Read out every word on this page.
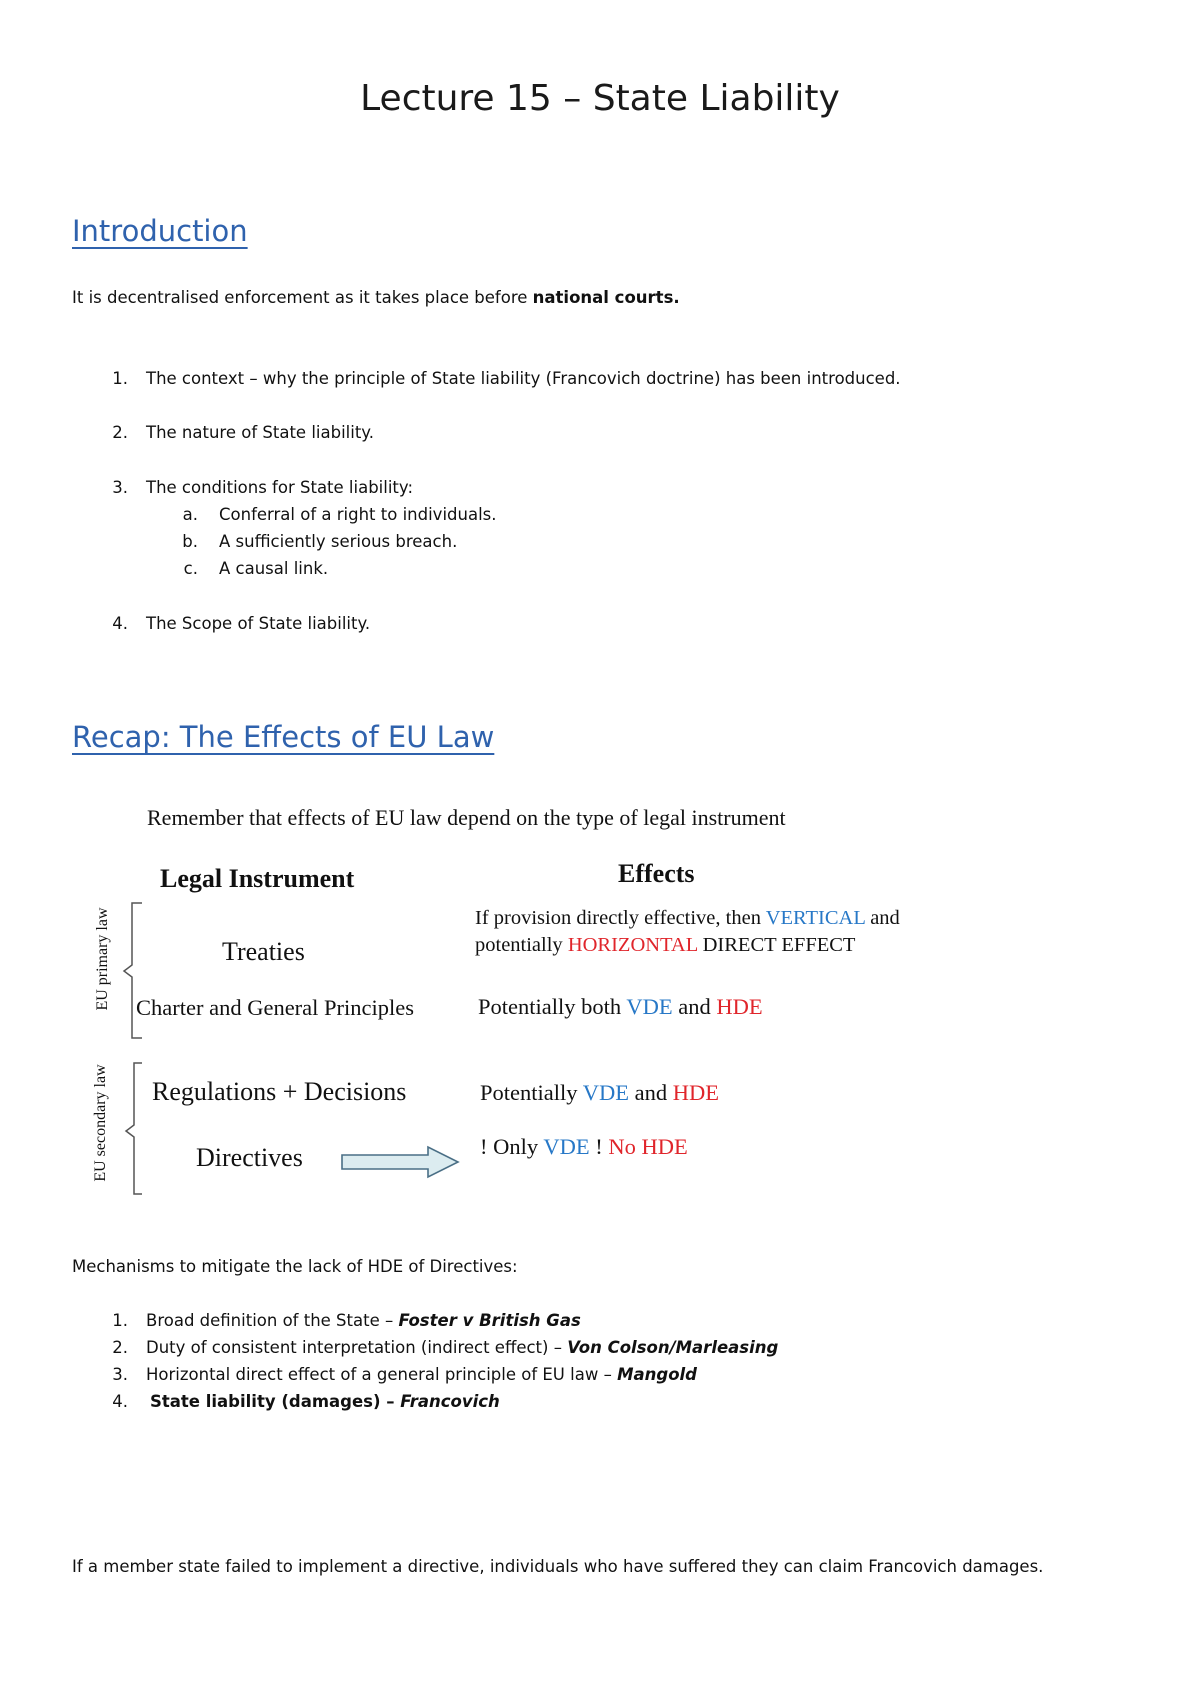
Lecture 15 – State Liability
Introduction
It is decentralised enforcement as it takes place before national courts.
1. The context – why the principle of State liability (Francovich doctrine) has been introduced.
2. The nature of State liability.
3. The conditions for State liability:
a. Conferral of a right to individuals.
b. A sufficiently serious breach.
c. A causal link.
4. The Scope of State liability.
Recap: The Effects of EU Law
Remember that effects of EU law depend on the type of legal instrument
Legal Instrument	Effects
EU primary law
EU secondary law
Treaties
Charter and General Principles
Regulations + Decisions
Directives
If provision directly effective, then VERTICAL and
potentially HORIZONTAL DIRECT EFFECT
Potentially both VDE and HDE
Potentially VDE and HDE
! Only VDE ! No HDE
Mechanisms to mitigate the lack of HDE of Directives:
1. Broad definition of the State – Foster v British Gas
2. Duty of consistent interpretation (indirect effect) – Von Colson/Marleasing
3. Horizontal direct effect of a general principle of EU law – Mangold
4. State liability (damages) – Francovich
If a member state failed to implement a directive, individuals who have suffered they can claim Francovich damages.
